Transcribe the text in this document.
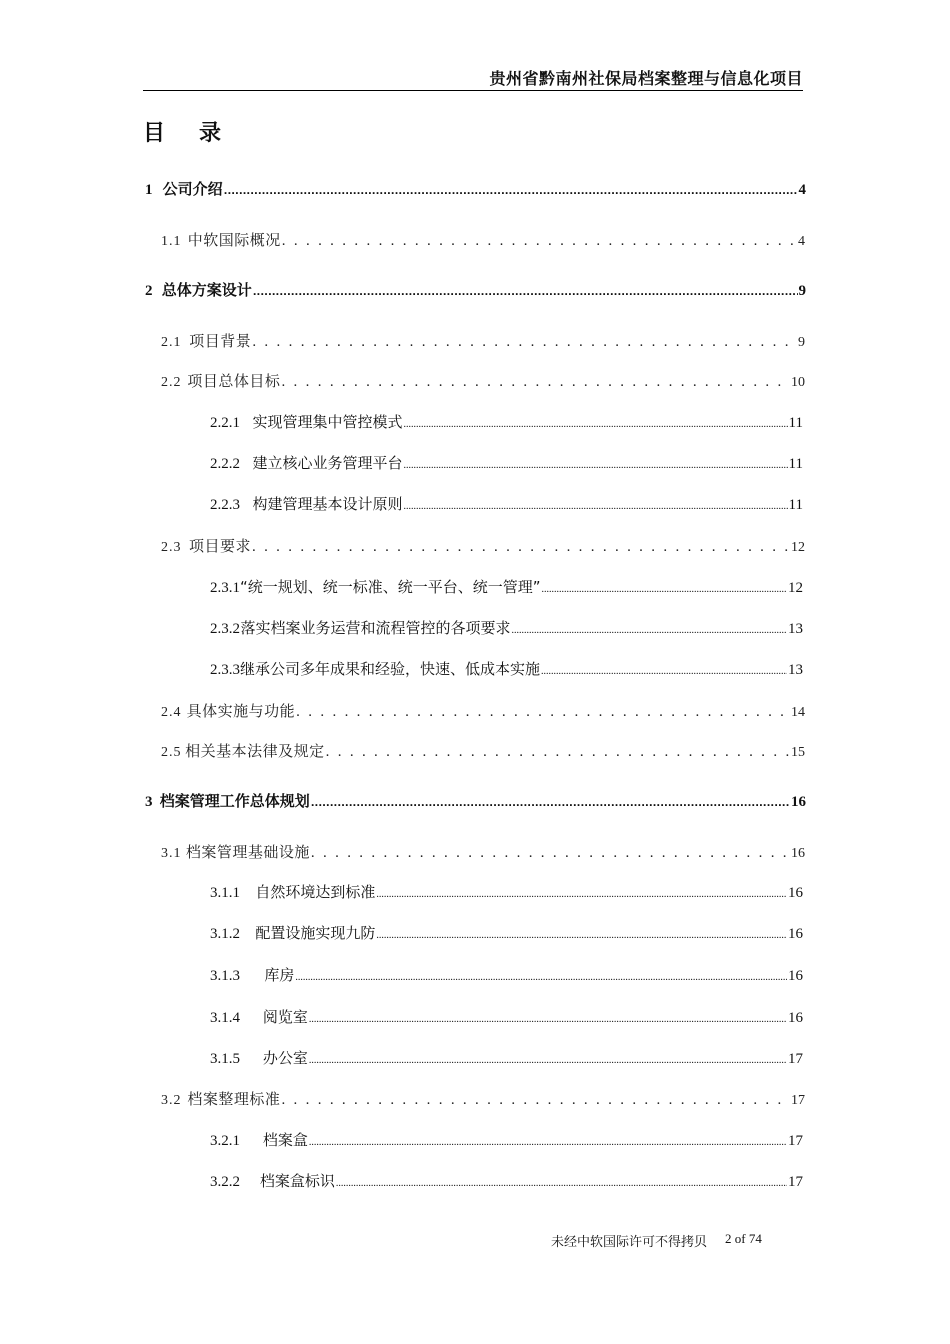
贵州省黔南州社保局档案整理与信息化项目
目录
1 公司介绍 .....	4
1.1 中软国际概况 . . .	4
2 总体方案设计 .....	9
2.1 项目背景 . . .	9
2.2 项目总体目标 . . .	10
2.2.1 实现管理集中管控模式 .....	11
2.2.2 建立核心业务管理平台 .....	11
2.2.3 构建管理基本设计原则 .....	11
2.3 项目要求 . . .	12
2.3.1 “统一规划、统一标准、统一平台、统一管理” .....	12
2.3.2 落实档案业务运营和流程管控的各项要求 .....	13
2.3.3 继承公司多年成果和经验，快速、低成本实施 .....	13
2.4 具体实施与功能 . . .	14
2.5 相关基本法律及规定 . . .	15
3 档案管理工作总体规划 .....	16
3.1 档案管理基础设施 . . .	16
3.1.1	自然环境达到标准 .....	16
3.1.2	配置设施实现九防 .....	16
3.1.3	库房 .....	16
3.1.4	阅览室 .....	16
3.1.5	办公室 .....	17
3.2 档案整理标准 . . .	17
3.2.1	档案盒 .....	17
3.2.2	档案盒标识 .....	17
未经中软国际许可不得拷贝 2 of 74
